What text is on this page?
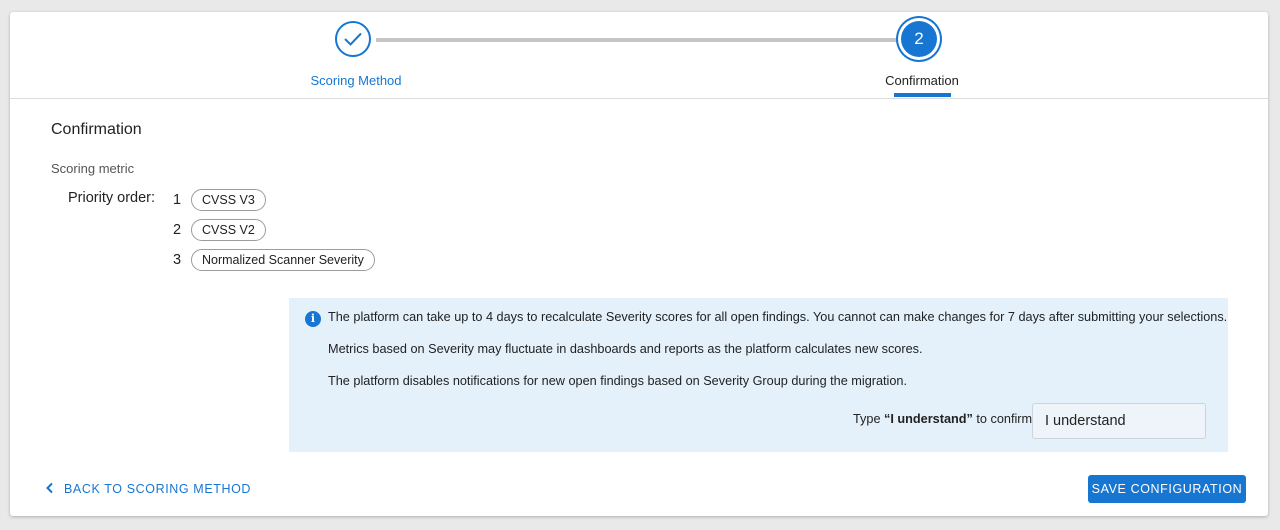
Scoring Method
2
Confirmation
Confirmation
Scoring metric
Priority order: 1	CVSS V3
2	CVSS V2
3	Normalized Scanner Severity
i	The platform can take up to 4 days to recalculate Severity scores for all open findings. You cannot can make changes for 7 days after submitting your selections.
Metrics based on Severity may fluctuate in dashboards and reports as the platform calculates new scores.
The platform disables notifications for new open findings based on Severity Group during the migration.
Type “I understand” to confirm
I understand
BACK TO SCORING METHOD	SAVE CONFIGURATION
